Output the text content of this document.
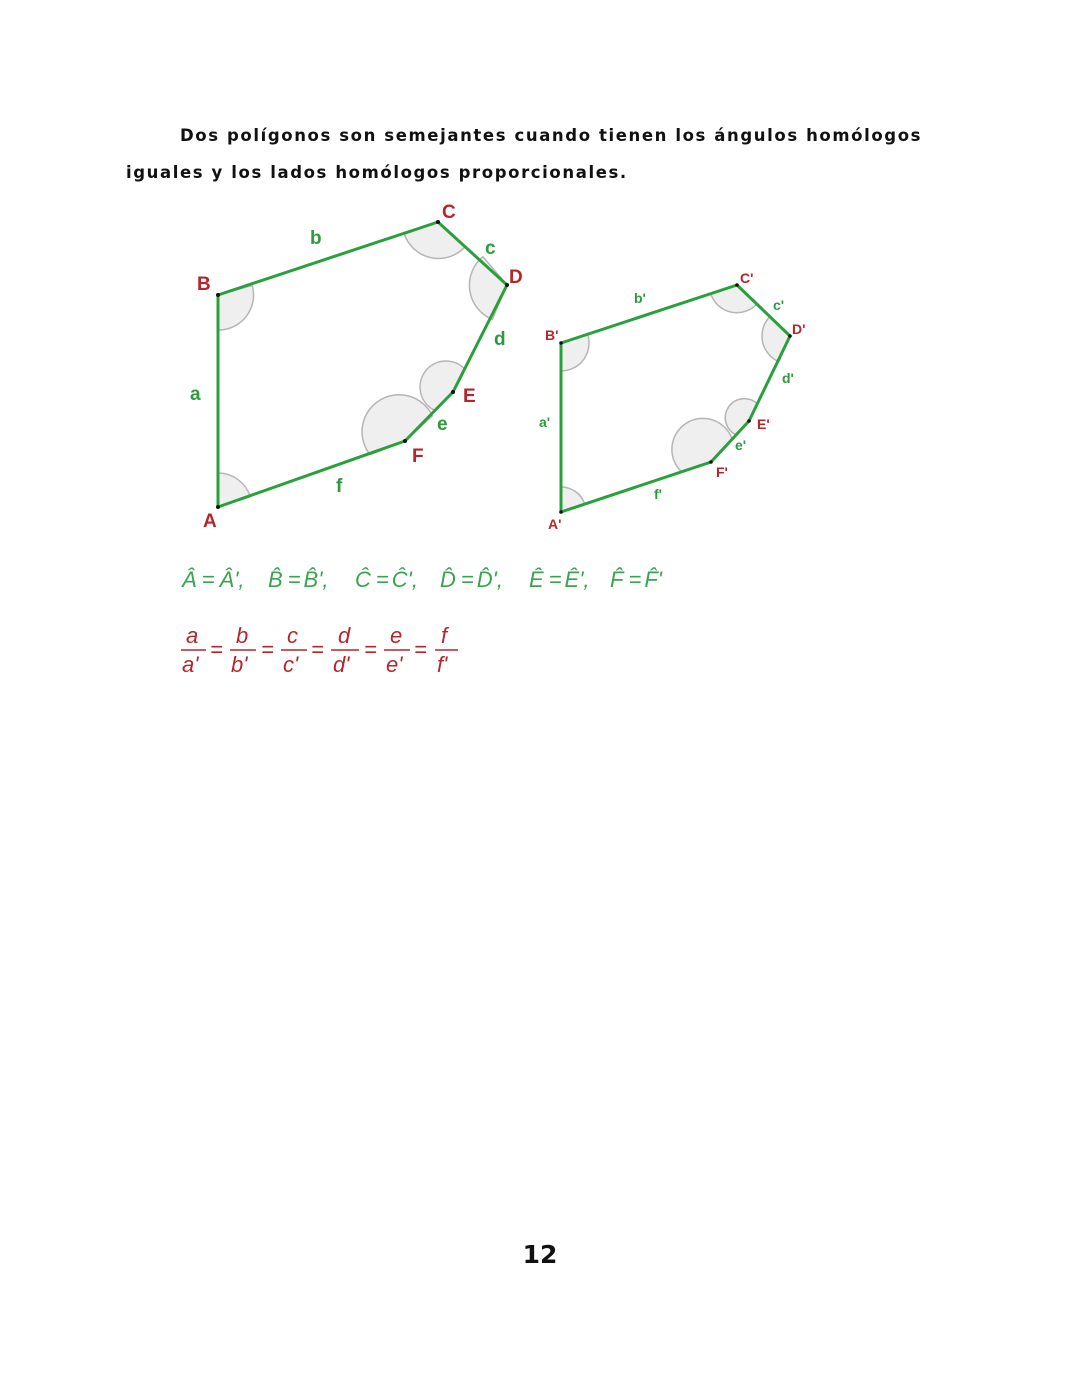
Dos polígonos son semejantes cuando tienen los ángulos homólogos
iguales y los lados homólogos proporcionales.
A
B
C
D
E
F
a
b	c
d
e
f
A'
B'
C'
D'
E'
F'
a'
b'	c'
d'
e'
f'
Â = Â', B̂ = B̂', Ĉ = Ĉ', D̂ = D̂', Ê = Ê', F̂ = F̂'
a b c d e f
a' b' c' d' e' f'
= = = = =
12
